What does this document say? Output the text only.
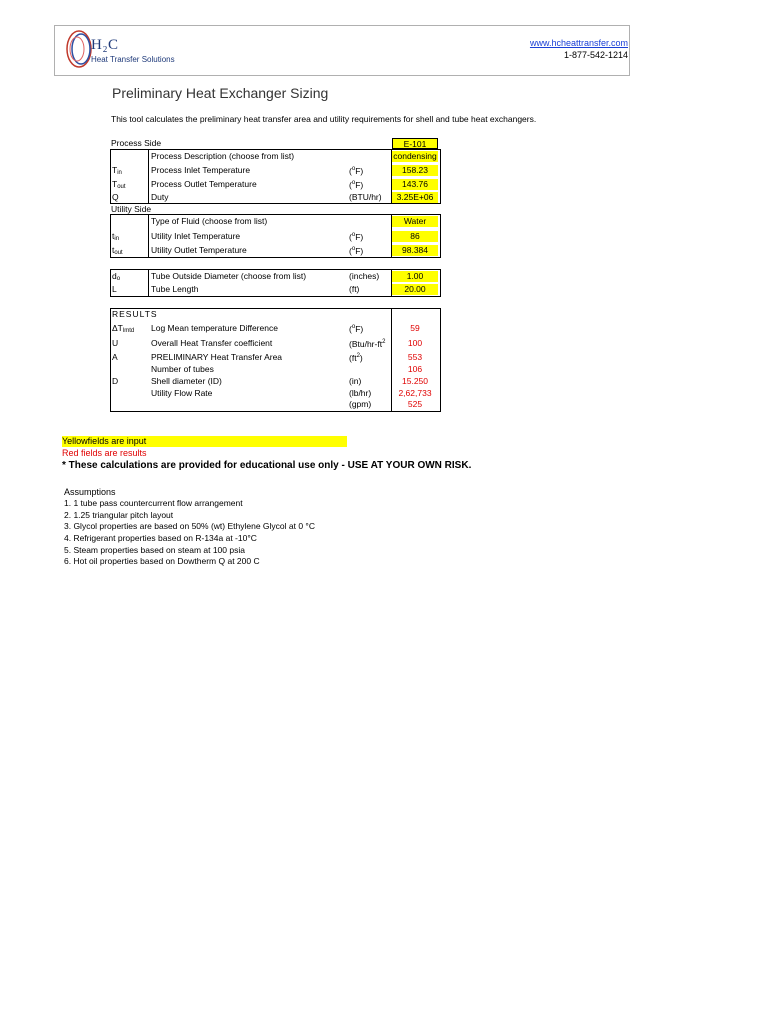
H₂C
Heat Transfer Solutions
www.hcheattransfer.com
1-877-542-1214
Preliminary Heat Exchanger Sizing
This tool calculates the preliminary heat transfer area and utility requirements for shell and tube heat exchangers.
Process Side	E-101
Process Description (choose from list)	condensing
$T_{in}$	Process Inlet Temperature	($^o$F)	158.23
$T_{out}$	Process Outlet Temperature	($^o$F)	143.76
Q	Duty	(BTU/hr)	3.25E+06
Utility Side
Type of Fluid (choose from list)	Water
$t_{in}$	Utility Inlet Temperature	($^o$F)	86
$t_{out}$	Utility Outlet Temperature	($^o$F)	98.384
$d_o$	Tube Outside Diameter (choose from list)	(inches)	1.00
L	Tube Length	(ft)	20.00
RESULTS
$\Delta T_{lmtd}$ Log Mean temperature Difference	($^o$F)	59
U	Overall Heat Transfer coefficient	($Btu/hr-ft^2$	100
A	PRELIMINARY Heat Transfer Area	$(ft^2)$	553
Number of tubes	106
D	Shell diameter (ID)	(in)	15.250
Utility Flow Rate	(lb/hr)	2,62,733
(gpm)	525
Yellowfields are input
Red fields are results
* These calculations are provided for educational use only - USE AT YOUR OWN RISK.
Assumptions
1. 1 tube pass countercurrent flow arrangement
2. 1.25 triangular pitch layout
3. Glycol properties are based on 50% (wt) Ethylene Glycol at 0 °C
4. Refrigerant properties based on R-134a at -10°C
5. Steam properties based on steam at 100 psia
6. Hot oil properties based on Dowtherm Q at 200 C
